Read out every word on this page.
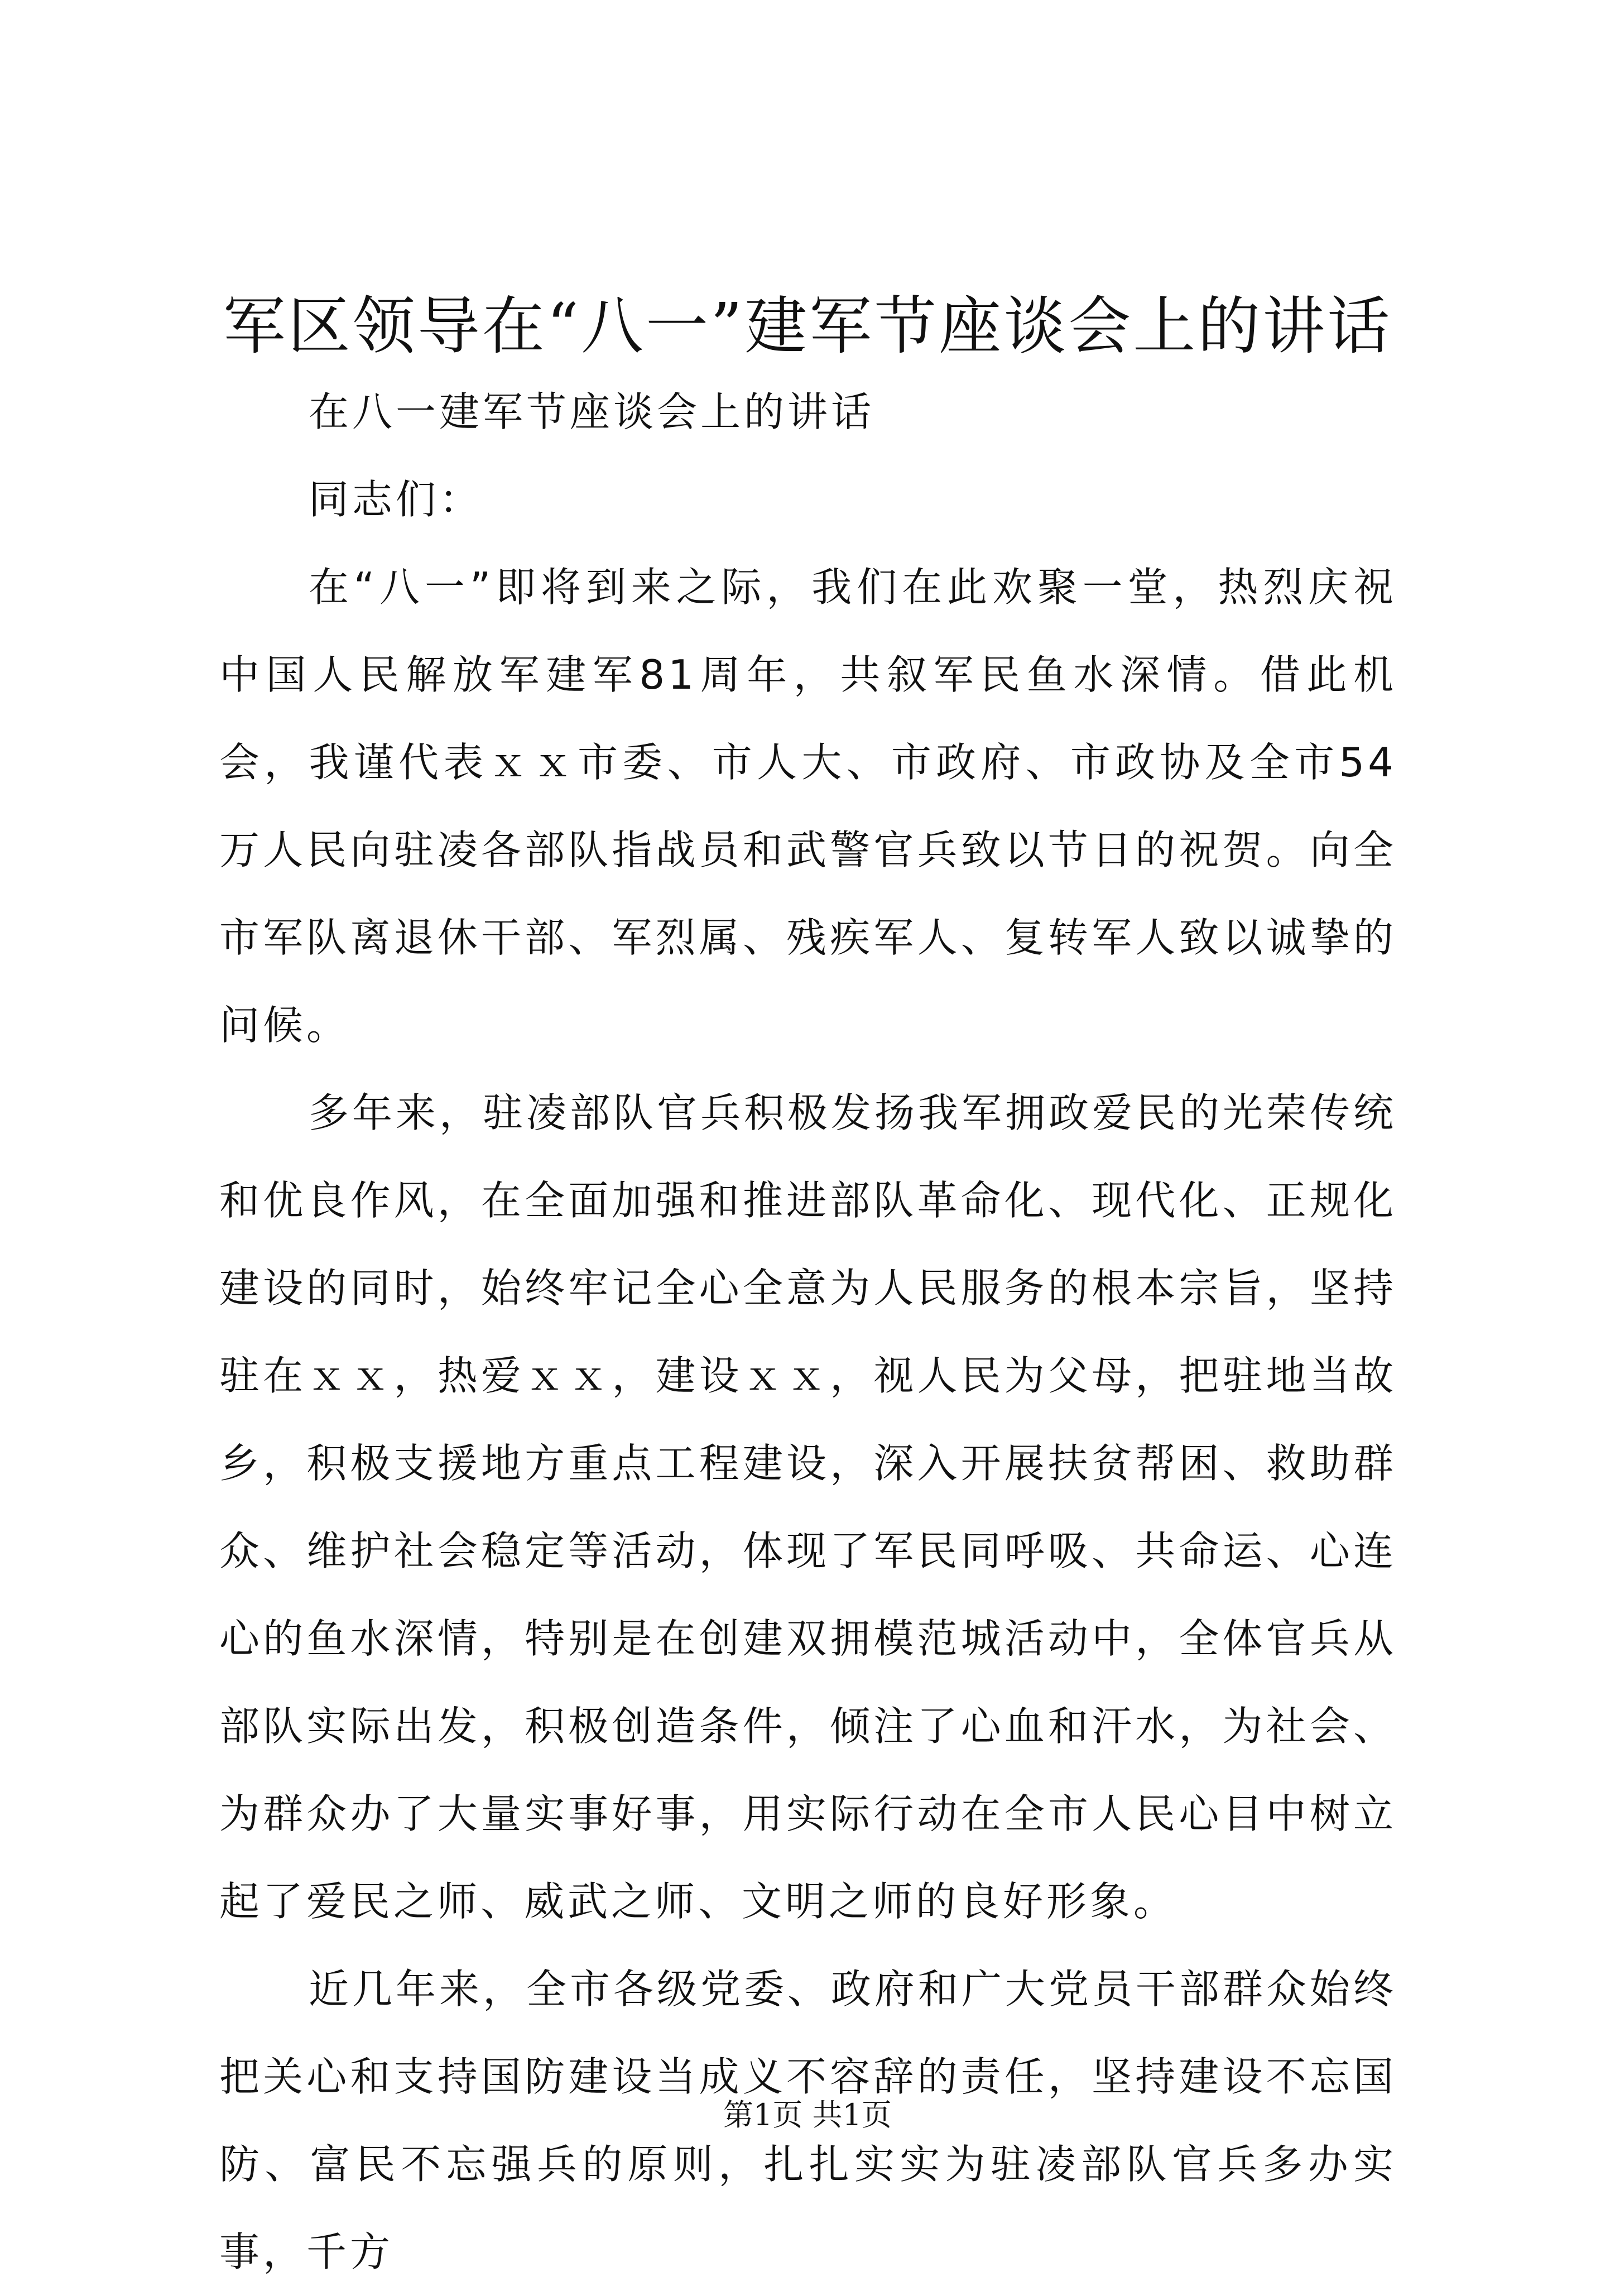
军区领导在“八一”建军节座谈会上的讲话

在八一建军节座谈会上的讲话

同志们：

在“八一”即将到来之际，我们在此欢聚一堂，热烈庆祝中国人民解放军建军81周年，共叙军民鱼水深情。借此机会，我谨代表ｘｘ市委、市人大、市政府、市政协及全市54万人民向驻凌各部队指战员和武警官兵致以节日的祝贺。向全市军队离退休干部、军烈属、残疾军人、复转军人致以诚挚的问候。

多年来，驻凌部队官兵积极发扬我军拥政爱民的光荣传统和优良作风，在全面加强和推进部队革命化、现代化、正规化建设的同时，始终牢记全心全意为人民服务的根本宗旨，坚持驻在ｘｘ，热爱ｘｘ，建设ｘｘ，视人民为父母，把驻地当故乡，积极支援地方重点工程建设，深入开展扶贫帮困、救助群众、维护社会稳定等活动，体现了军民同呼吸、共命运、心连心的鱼水深情，特别是在创建双拥模范城活动中，全体官兵从部队实际出发，积极创造条件，倾注了心血和汗水，为社会、为群众办了大量实事好事，用实际行动在全市人民心目中树立起了爱民之师、威武之师、文明之师的良好形象。

近几年来，全市各级党委、政府和广大党员干部群众始终把关心和支持国防建设当成义不容辞的责任，坚持建设不忘国防、富民不忘强兵的原则，扎扎实实为驻凌部队官兵多办实事，千方

第1页 共1页
